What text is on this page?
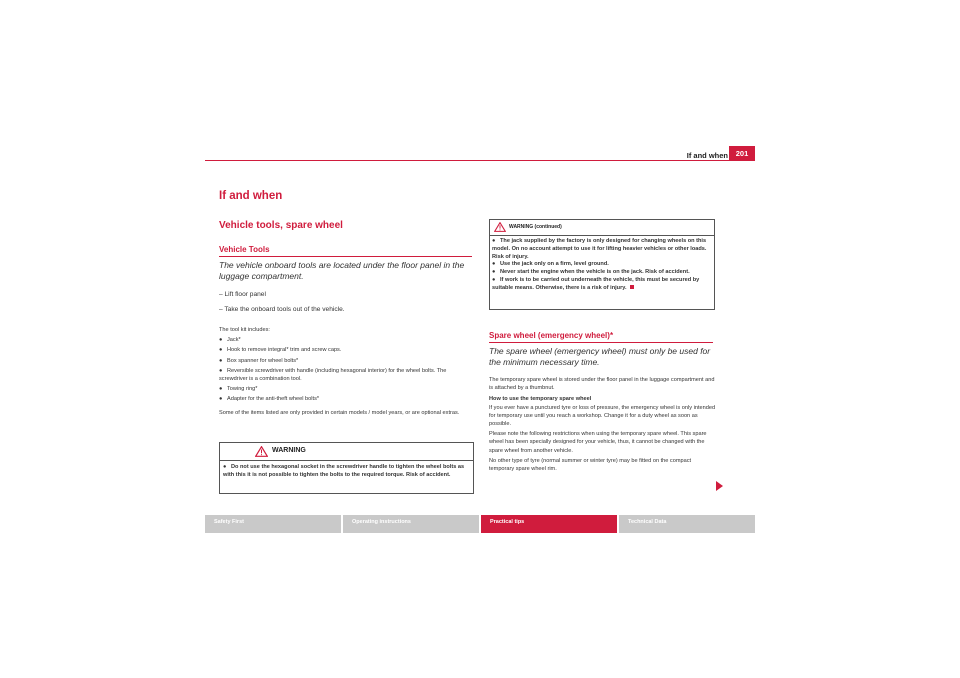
If and when	201
If and when
Vehicle tools, spare wheel
Vehicle Tools
The vehicle onboard tools are located under the floor panel in the luggage compartment.
– Lift floor panel
– Take the onboard tools out of the vehicle.
The tool kit includes:
● Jack*
● Hook to remove integral* trim and screw caps.
● Box spanner for wheel bolts*
● Reversible screwdriver with handle (including hexagonal interior) for the wheel bolts. The screwdriver is a combination tool.
● Towing ring*
● Adapter for the anti-theft wheel bolts*
Some of the items listed are only provided in certain models / model years, or are optional extras.
WARNING
● Do not use the hexagonal socket in the screwdriver handle to tighten the wheel bolts as with this it is not possible to tighten the bolts to the required torque. Risk of accident.
WARNING (continued)
● The jack supplied by the factory is only designed for changing wheels on this model. On no account attempt to use it for lifting heavier vehicles or other loads. Risk of injury.
● Use the jack only on a firm, level ground.
● Never start the engine when the vehicle is on the jack. Risk of accident.
● If work is to be carried out underneath the vehicle, this must be secured by suitable means. Otherwise, there is a risk of injury.
Spare wheel (emergency wheel)*
The spare wheel (emergency wheel) must only be used for the minimum necessary time.
The temporary spare wheel is stored under the floor panel in the luggage compartment and is attached by a thumbnut.
How to use the temporary spare wheel
If you ever have a punctured tyre or loss of pressure, the emergency wheel is only intended for temporary use until you reach a workshop. Change it for a duty wheel as soon as possible.
Please note the following restrictions when using the temporary spare wheel. This spare wheel has been specially designed for your vehicle, thus, it cannot be changed with the spare wheel from another vehicle.
No other type of tyre (normal summer or winter tyre) may be fitted on the compact temporary spare wheel rim.
Safety First	Operating instructions	Practical tips	Technical Data
